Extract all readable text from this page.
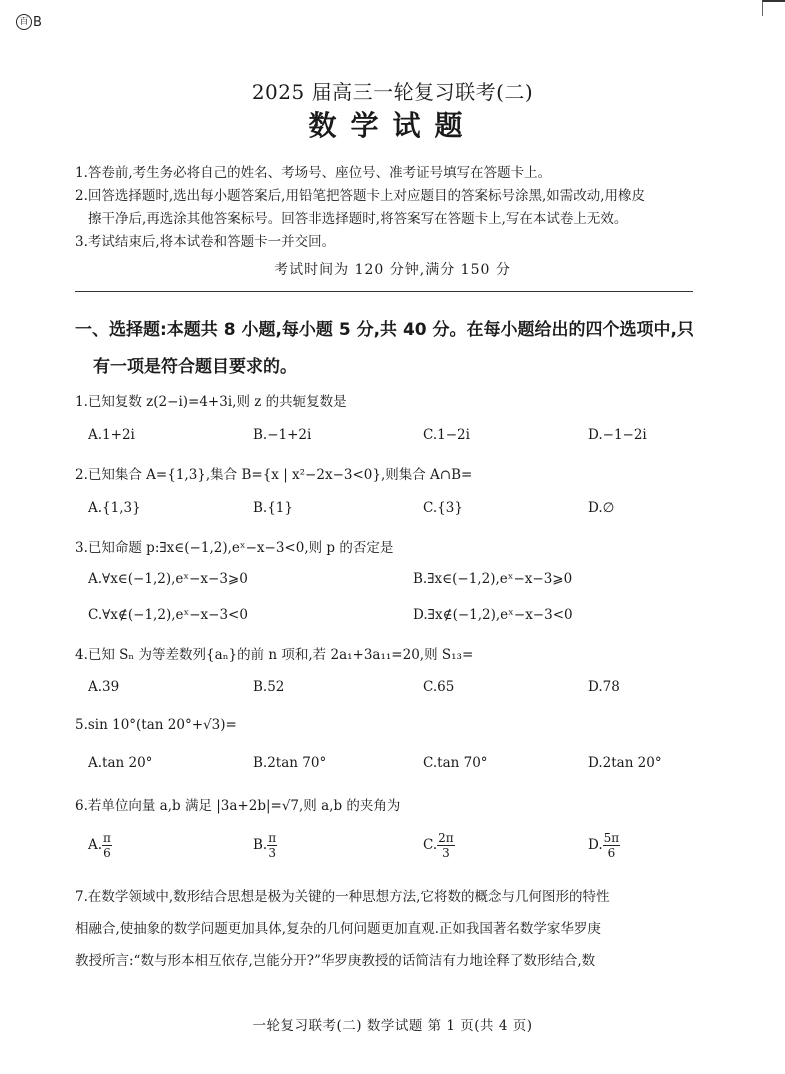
百 B
2025 届高三一轮复习联考(二)
数学试题

1.答卷前,考生务必将自己的姓名、考场号、座位号、准考证号填写在答题卡上。

2.回答选择题时,选出每小题答案后,用铅笔把答题卡上对应题目的答案标号涂黑,如需改动,用橡皮

擦干净后,再选涂其他答案标号。回答非选择题时,将答案写在答题卡上,写在本试卷上无效。

3.考试结束后,将本试卷和答题卡一并交回。

考试时间为 120 分钟,满分 150 分
一、选择题:本题共 8 小题,每小题 5 分,共 40 分。在每小题给出的四个选项中,只
有一项是符合题目要求的。
1.已知复数 z(2−i)=4+3i,则 z 的共轭复数是
A.1+2i	B.−1+2i	C.1−2i	D.−1−2i
2.已知集合 A={1,3},集合 B={x | x²−2x−3<0},则集合 A∩B=
A.{1,3}	B.{1}	C.{3}	D.∅
3.已知命题 p:∃x∈(−1,2),eˣ−x−3<0,则 p 的否定是
A.∀x∈(−1,2),eˣ−x−3⩾0	B.∃x∈(−1,2),eˣ−x−3⩾0
C.∀x∉(−1,2),eˣ−x−3<0	D.∃x∉(−1,2),eˣ−x−3<0
4.已知 Sₙ 为等差数列{aₙ}的前 n 项和,若 2a₁+3a₁₁=20,则 S₁₃=
A.39	B.52	C.65	D.78
5.sin 10°(tan 20°+√3)=
A.tan 20°	B.2tan 70°	C.tan 70°	D.2tan 20°
6.若单位向量 a,b 满足 |3a+2b|=√7,则 a,b 的夹角为
A. $\frac{\pi}{6}$	B. $\frac{\pi}{3}$	C. $\frac{2\pi}{3}$	D. $\frac{5\pi}{6}$
7.在数学领域中,数形结合思想是极为关键的一种思想方法,它将数的概念与几何图形的特性
相融合,使抽象的数学问题更加具体,复杂的几何问题更加直观.正如我国著名数学家华罗庚
教授所言:“数与形本相互依存,岂能分开?”华罗庚教授的话简洁有力地诠释了数形结合,数
一轮复习联考(二) 数学试题 第 1 页(共 4 页)
